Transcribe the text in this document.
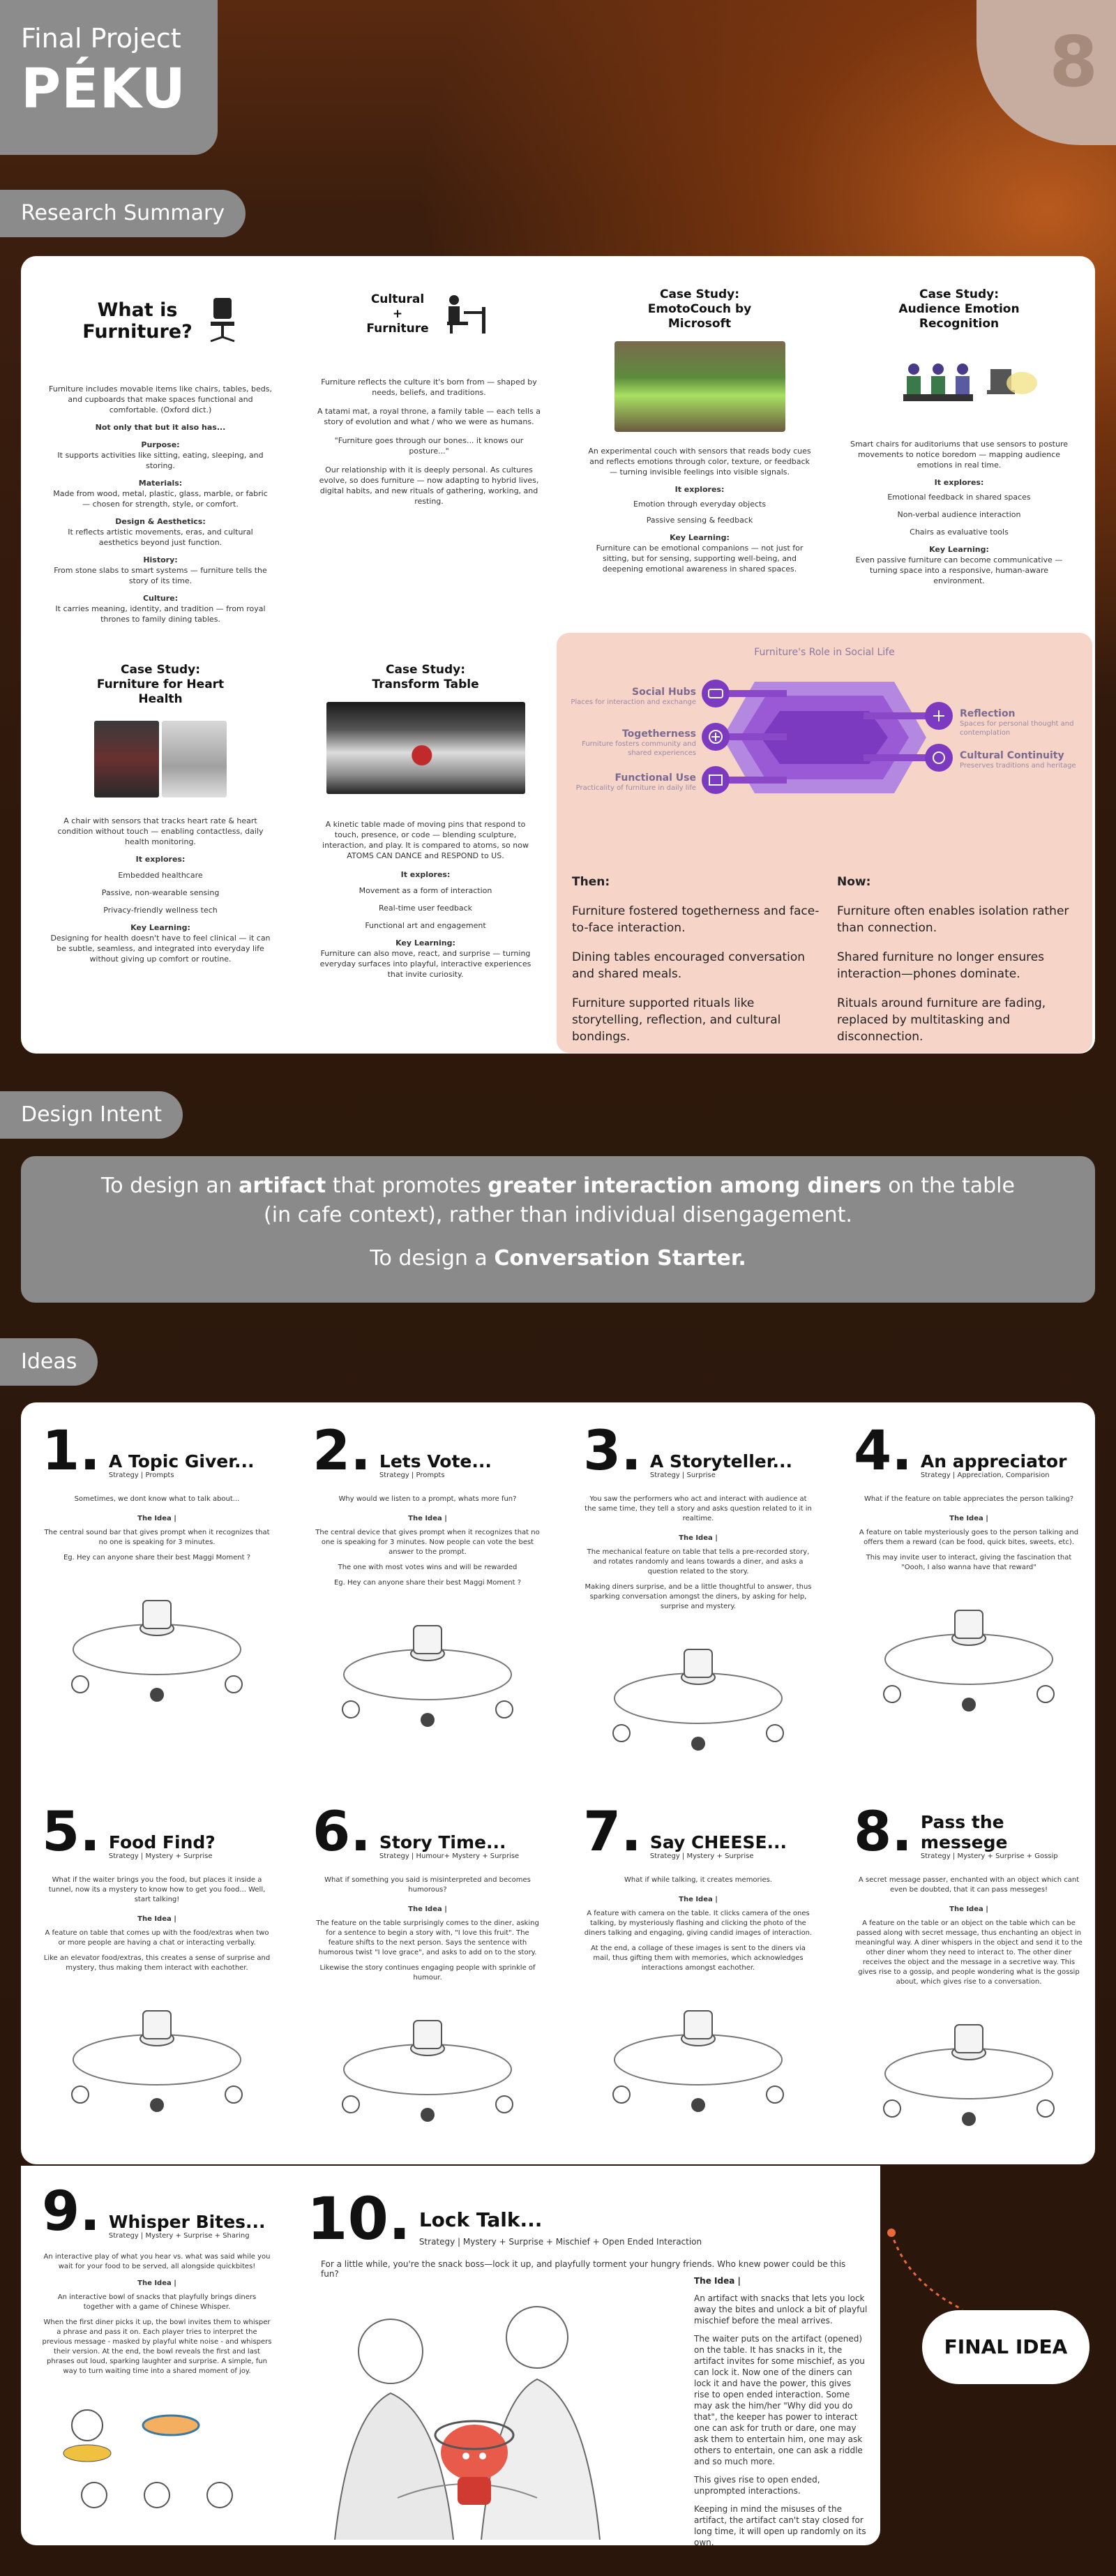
Final Project
PÉKU	8
Research Summary
What is
Furniture?

Furniture includes movable items like chairs, tables, beds, and cupboards that make spaces functional and comfortable. (Oxford dict.)

Not only that but it also has...

Purpose:

It supports activities like sitting, eating, sleeping, and storing.

Materials:

Made from wood, metal, plastic, glass, marble, or fabric — chosen for strength, style, or comfort.

Design & Aesthetics:

It reflects artistic movements, eras, and cultural aesthetics beyond just function.

History:

From stone slabs to smart systems — furniture tells the story of its time.

Culture:

It carries meaning, identity, and tradition — from royal thrones to family dining tables.

Cultural
+
Furniture

Furniture reflects the culture it's born from — shaped by needs, beliefs, and traditions.

A tatami mat, a royal throne, a family table — each tells a story of evolution and what / who we were as humans.

"Furniture goes through our bones... it knows our posture..."

Our relationship with it is deeply personal. As cultures evolve, so does furniture — now adapting to hybrid lives, digital habits, and new rituals of gathering, working, and resting.

Case Study:
EmotoCouch by
Microsoft

An experimental couch with sensors that reads body cues and reflects emotions through color, texture, or feedback — turning invisible feelings into visible signals.

It explores:

Emotion through everyday objects

Passive sensing & feedback

Key Learning:

Furniture can be emotional companions — not just for sitting, but for sensing, supporting well-being, and deepening emotional awareness in shared spaces.

Case Study:
Audience Emotion
Recognition

Smart chairs for auditoriums that use sensors to posture movements to notice boredom — mapping audience emotions in real time.

It explores:

Emotional feedback in shared spaces

Non-verbal audience interaction

Chairs as evaluative tools

Key Learning:

Even passive furniture can become communicative — turning space into a responsive, human-aware environment.

Case Study:
Furniture for Heart
Health

A chair with sensors that tracks heart rate & heart condition without touch — enabling contactless, daily health monitoring.

It explores:

Embedded healthcare

Passive, non-wearable sensing

Privacy-friendly wellness tech

Key Learning:

Designing for health doesn't have to feel clinical — it can be subtle, seamless, and integrated into everyday life without giving up comfort or routine.

Case Study:
Transform Table

A kinetic table made of moving pins that respond to touch, presence, or code — blending sculpture, interaction, and play. It is compared to atoms, so now ATOMS CAN DANCE and RESPOND to US.

It explores:

Movement as a form of interaction

Real-time user feedback

Functional art and engagement

Key Learning:

Furniture can also move, react, and surprise — turning everyday surfaces into playful, interactive experiences that invite curiosity.

Furniture's Role in Social Life
Social Hubs
Places for interaction and exchange
Togetherness
Furniture fosters community and shared experiences
Functional Use
Practicality of furniture in daily life
Reflection
Spaces for personal thought and contemplation
Cultural Continuity
Preserves traditions and heritage
Then:
Furniture fostered togetherness and face-to-face interaction.
Dining tables encouraged conversation and shared meals.
Furniture supported rituals like storytelling, reflection, and cultural bondings.
Now:
Furniture often enables isolation rather than connection.
Shared furniture no longer ensures interaction—phones dominate.
Rituals around furniture are fading, replaced by multitasking and disconnection.
Design Intent
To design an artifact that promotes greater interaction among diners on the table
(in cafe context), rather than individual disengagement.
To design a Conversation Starter.
Ideas
1. A Topic Giver...
Strategy | Prompts

Sometimes, we dont know what to talk about...

The Idea |

The central sound bar that gives prompt when it recognizes that no one is speaking for 3 minutes.

Eg. Hey can anyone share their best Maggi Moment ?

2. Lets Vote...
Strategy | Prompts

Why would we listen to a prompt, whats more fun?

The Idea |

The central device that gives prompt when it recognizes that no one is speaking for 3 minutes. Now people can vote the best answer to the prompt.

The one with most votes wins and will be rewarded

Eg. Hey can anyone share their best Maggi Moment ?

3. A Storyteller...
Strategy | Surprise

You saw the performers who act and interact with audience at the same time, they tell a story and asks question related to it in realtime.

The Idea |

The mechanical feature on table that tells a pre-recorded story, and rotates randomly and leans towards a diner, and asks a question related to the story.

Making diners surprise, and be a little thoughtful to answer, thus sparking conversation amongst the diners, by asking for help, surprise and mystery.

4. An appreciator
Strategy | Appreciation, Comparision

What if the feature on table appreciates the person talking?

The Idea |

A feature on table mysteriously goes to the person talking and offers them a reward (can be food, quick bites, sweets, etc).

This may invite user to interact, giving the fascination that "Oooh, I also wanna have that reward"

5. Food Find?
Strategy | Mystery + Surprise

What if the waiter brings you the food, but places it inside a tunnel, now its a mystery to know how to get you food... Well, start talking!

The Idea |

A feature on table that comes up with the food/extras when two or more people are having a chat or interacting verbally.

Like an elevator food/extras, this creates a sense of surprise and mystery, thus making them interact with eachother.

6. Story Time...
Strategy | Humour+ Mystery + Surprise

What if something you said is misinterpreted and becomes humorous?

The Idea |

The feature on the table surprisingly comes to the diner, asking for a sentence to begin a story with, "I love this fruit". The feature shifts to the next person. Says the sentence with humorous twist "I love grace", and asks to add on to the story.

Likewise the story continues engaging people with sprinkle of humour.

7. Say CHEESE...
Strategy | Mystery + Surprise

What if while talking, it creates memories.

The Idea |

A feature with camera on the table. It clicks camera of the ones talking, by mysteriously flashing and clicking the photo of the diners talking and engaging, giving candid images of interaction.

At the end, a collage of these images is sent to the diners via mail, thus gifting them with memories, which acknowledges interactions amongst eachother.

8. Pass the messege
Strategy | Mystery + Surprise + Gossip

A secret message passer, enchanted with an object which cant even be doubted, that it can pass messeges!

The Idea |

A feature on the table or an object on the table which can be passed along with secret message, thus enchanting an object in meaningful way. A diner whispers in the object and send it to the other diner whom they need to interact to. The other diner receives the object and the message in a secretive way. This gives rise to a gossip, and people wondering what is the gossip about, which gives rise to a conversation.

9. Whisper Bites...
Strategy | Mystery + Surprise + Sharing

An interactive play of what you hear vs. what was said while you wait for your food to be served, all alongside quickbites!

The Idea |

An interactive bowl of snacks that playfully brings diners together with a game of Chinese Whisper.

When the first diner picks it up, the bowl invites them to whisper a phrase and pass it on. Each player tries to interpret the previous message - masked by playful white noise - and whispers their version. At the end, the bowl reveals the first and last phrases out loud, sparking laughter and surprise. A simple, fun way to turn waiting time into a shared moment of joy.

10. Lock Talk...
Strategy | Mystery + Surprise + Mischief + Open Ended Interaction

For a little while, you're the snack boss—lock it up, and playfully torment your hungry friends. Who knew power could be this fun?

The Idea |

An artifact with snacks that lets you lock away the bites and unlock a bit of playful mischief before the meal arrives.

The waiter puts on the artifact (opened) on the table. It has snacks in it, the artifact invites for some mischief, as you can lock it. Now one of the diners can lock it and have the power, this gives rise to open ended interaction. Some may ask the him/her "Why did you do that", the keeper has power to interact one can ask for truth or dare, one may ask them to entertain him, one may ask others to entertain, one can ask a riddle and so much more.

This gives rise to open ended, unprompted interactions.

Keeping in mind the misuses of the artifact, the artifact can't stay closed for long time, it will open up randomly on its own.

FINAL IDEA
